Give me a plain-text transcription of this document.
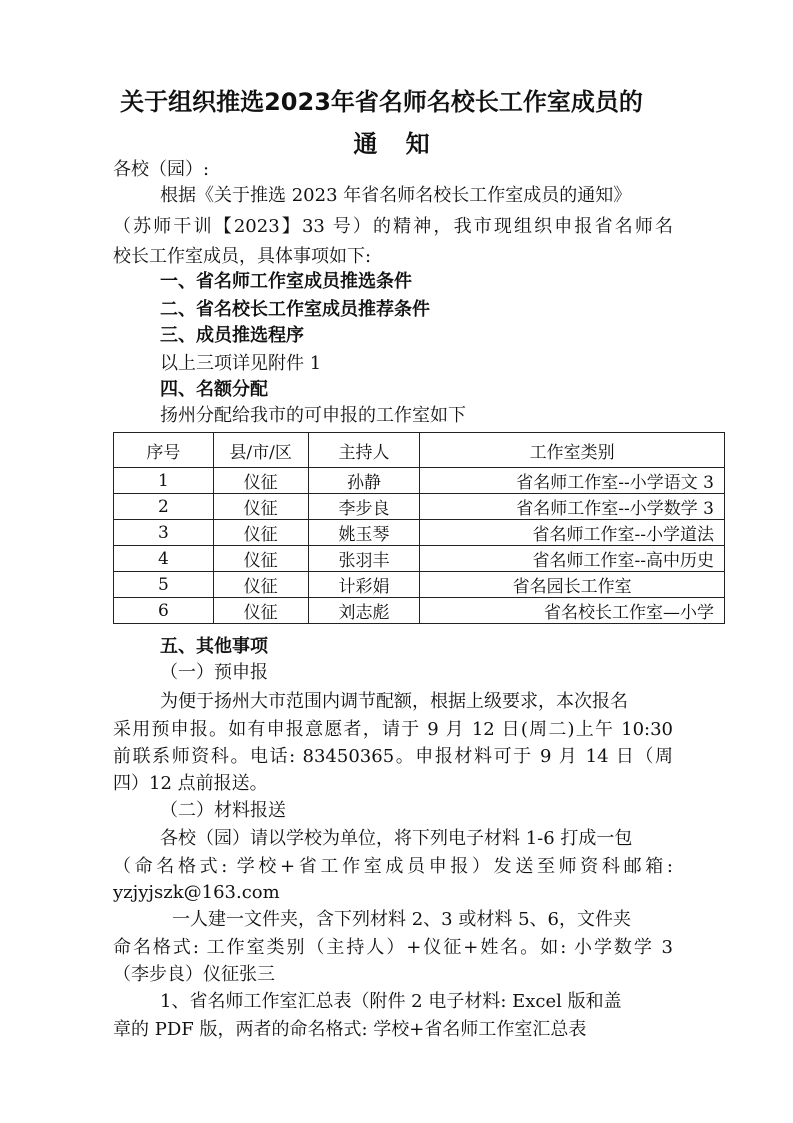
关于组织推选2023年省名师名校长工作室成员的
通 知
各校（园）:
根据《关于推选 2023 年省名师名校长工作室成员的通知》
（苏师干训【2023】33 号）的精神，我市现组织申报省名师名
校长工作室成员，具体事项如下:
一、省名师工作室成员推选条件
二、省名校长工作室成员推荐条件
三、成员推选程序
以上三项详见附件 1
四、名额分配
扬州分配给我市的可申报的工作室如下
序号	县/市/区	主持人	工作室类别
1	仪征	孙静	省名师工作室--小学语文 3
2	仪征	李步良	省名师工作室--小学数学 3
3	仪征	姚玉琴	省名师工作室--小学道法
4	仪征	张羽丰	省名师工作室--高中历史
5	仪征	计彩娟	省名园长工作室
6	仪征	刘志彪	省名校长工作室—小学
五、其他事项
（一）预申报
为便于扬州大市范围内调节配额，根据上级要求，本次报名
采用预申报。如有申报意愿者，请于 9 月 12 日(周二)上午 10:30
前联系师资科。电话: 83450365。申报材料可于 9 月 14 日（周
四）12 点前报送。
（二）材料报送
各校（园）请以学校为单位，将下列电子材料 1-6 打成一包
（命名格式: 学校+省工作室成员申报）发送至师资科邮箱:
yzjyjszk@163.com
一人建一文件夹，含下列材料 2、3 或材料 5、6，文件夹
命名格式: 工作室类别（主持人）+仪征+姓名。如: 小学数学 3
（李步良）仪征张三
1、省名师工作室汇总表（附件 2 电子材料: Excel 版和盖
章的 PDF 版，两者的命名格式: 学校+省名师工作室汇总表
